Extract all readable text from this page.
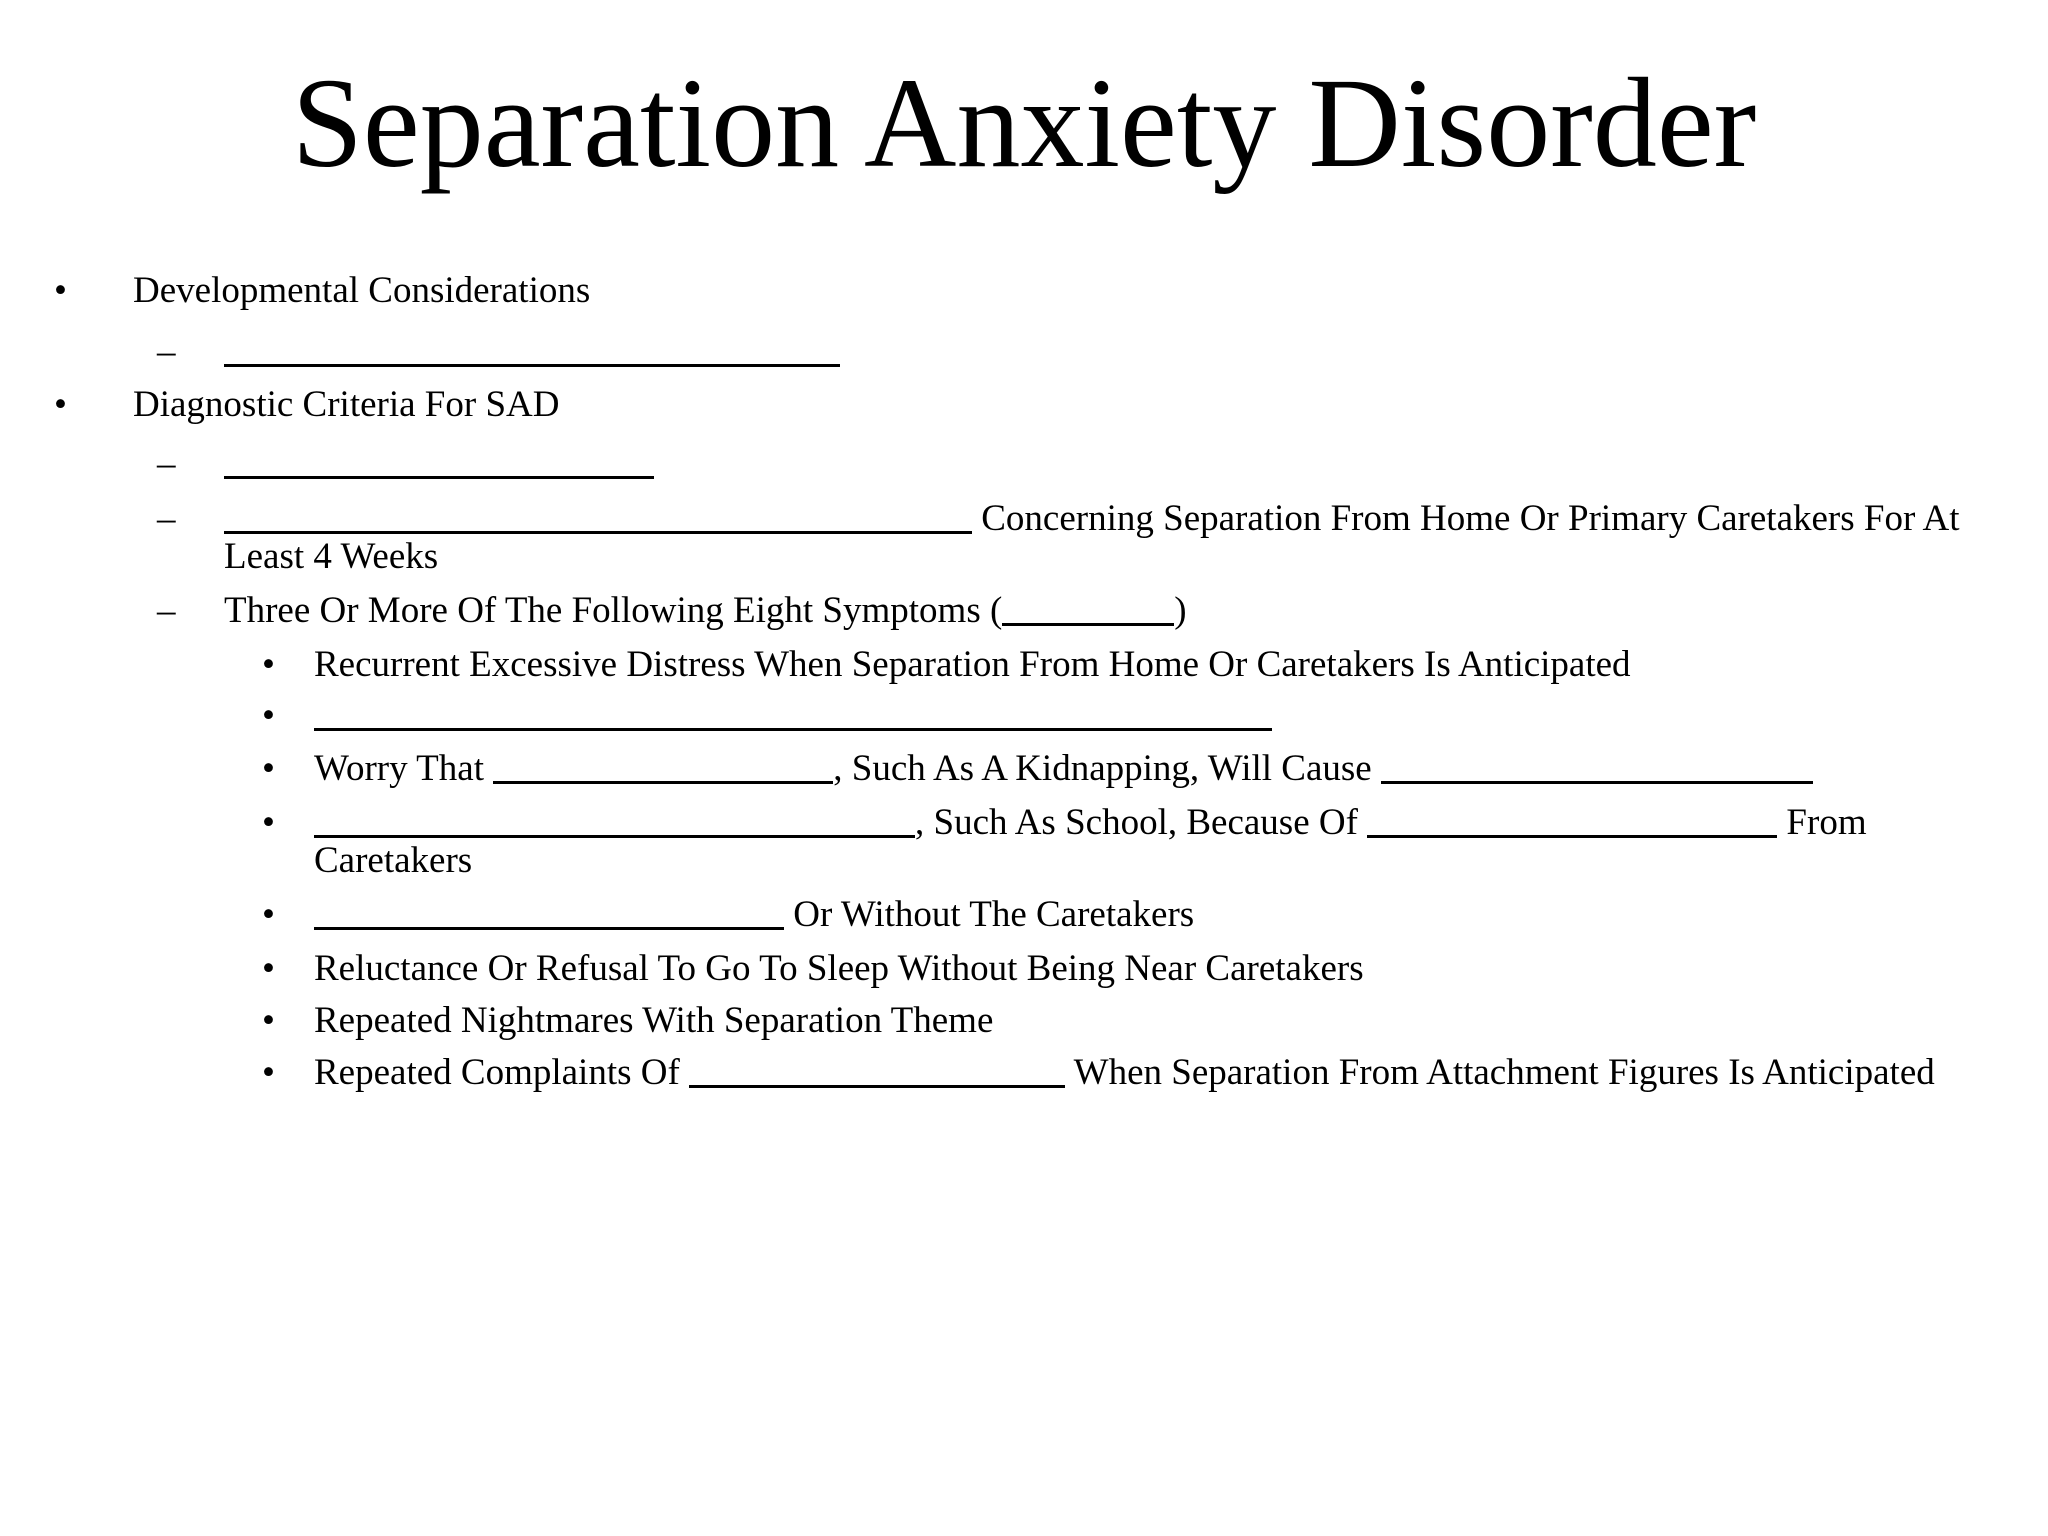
Separation Anxiety Disorder
• Developmental Considerations
–
• Diagnostic Criteria For SAD
–
–	Concerning Separation From Home Or Primary Caretakers For At
Least 4 Weeks
– Three Or More Of The Following Eight Symptoms (	)
• Recurrent Excessive Distress When Separation From Home Or Caretakers Is Anticipated
•
• Worry That	, Such As A Kidnapping, Will Cause
•	, Such As School, Because Of	From
Caretakers
•	Or Without The Caretakers
• Reluctance Or Refusal To Go To Sleep Without Being Near Caretakers
• Repeated Nightmares With Separation Theme
• Repeated Complaints Of	When Separation From Attachment Figures Is Anticipated
